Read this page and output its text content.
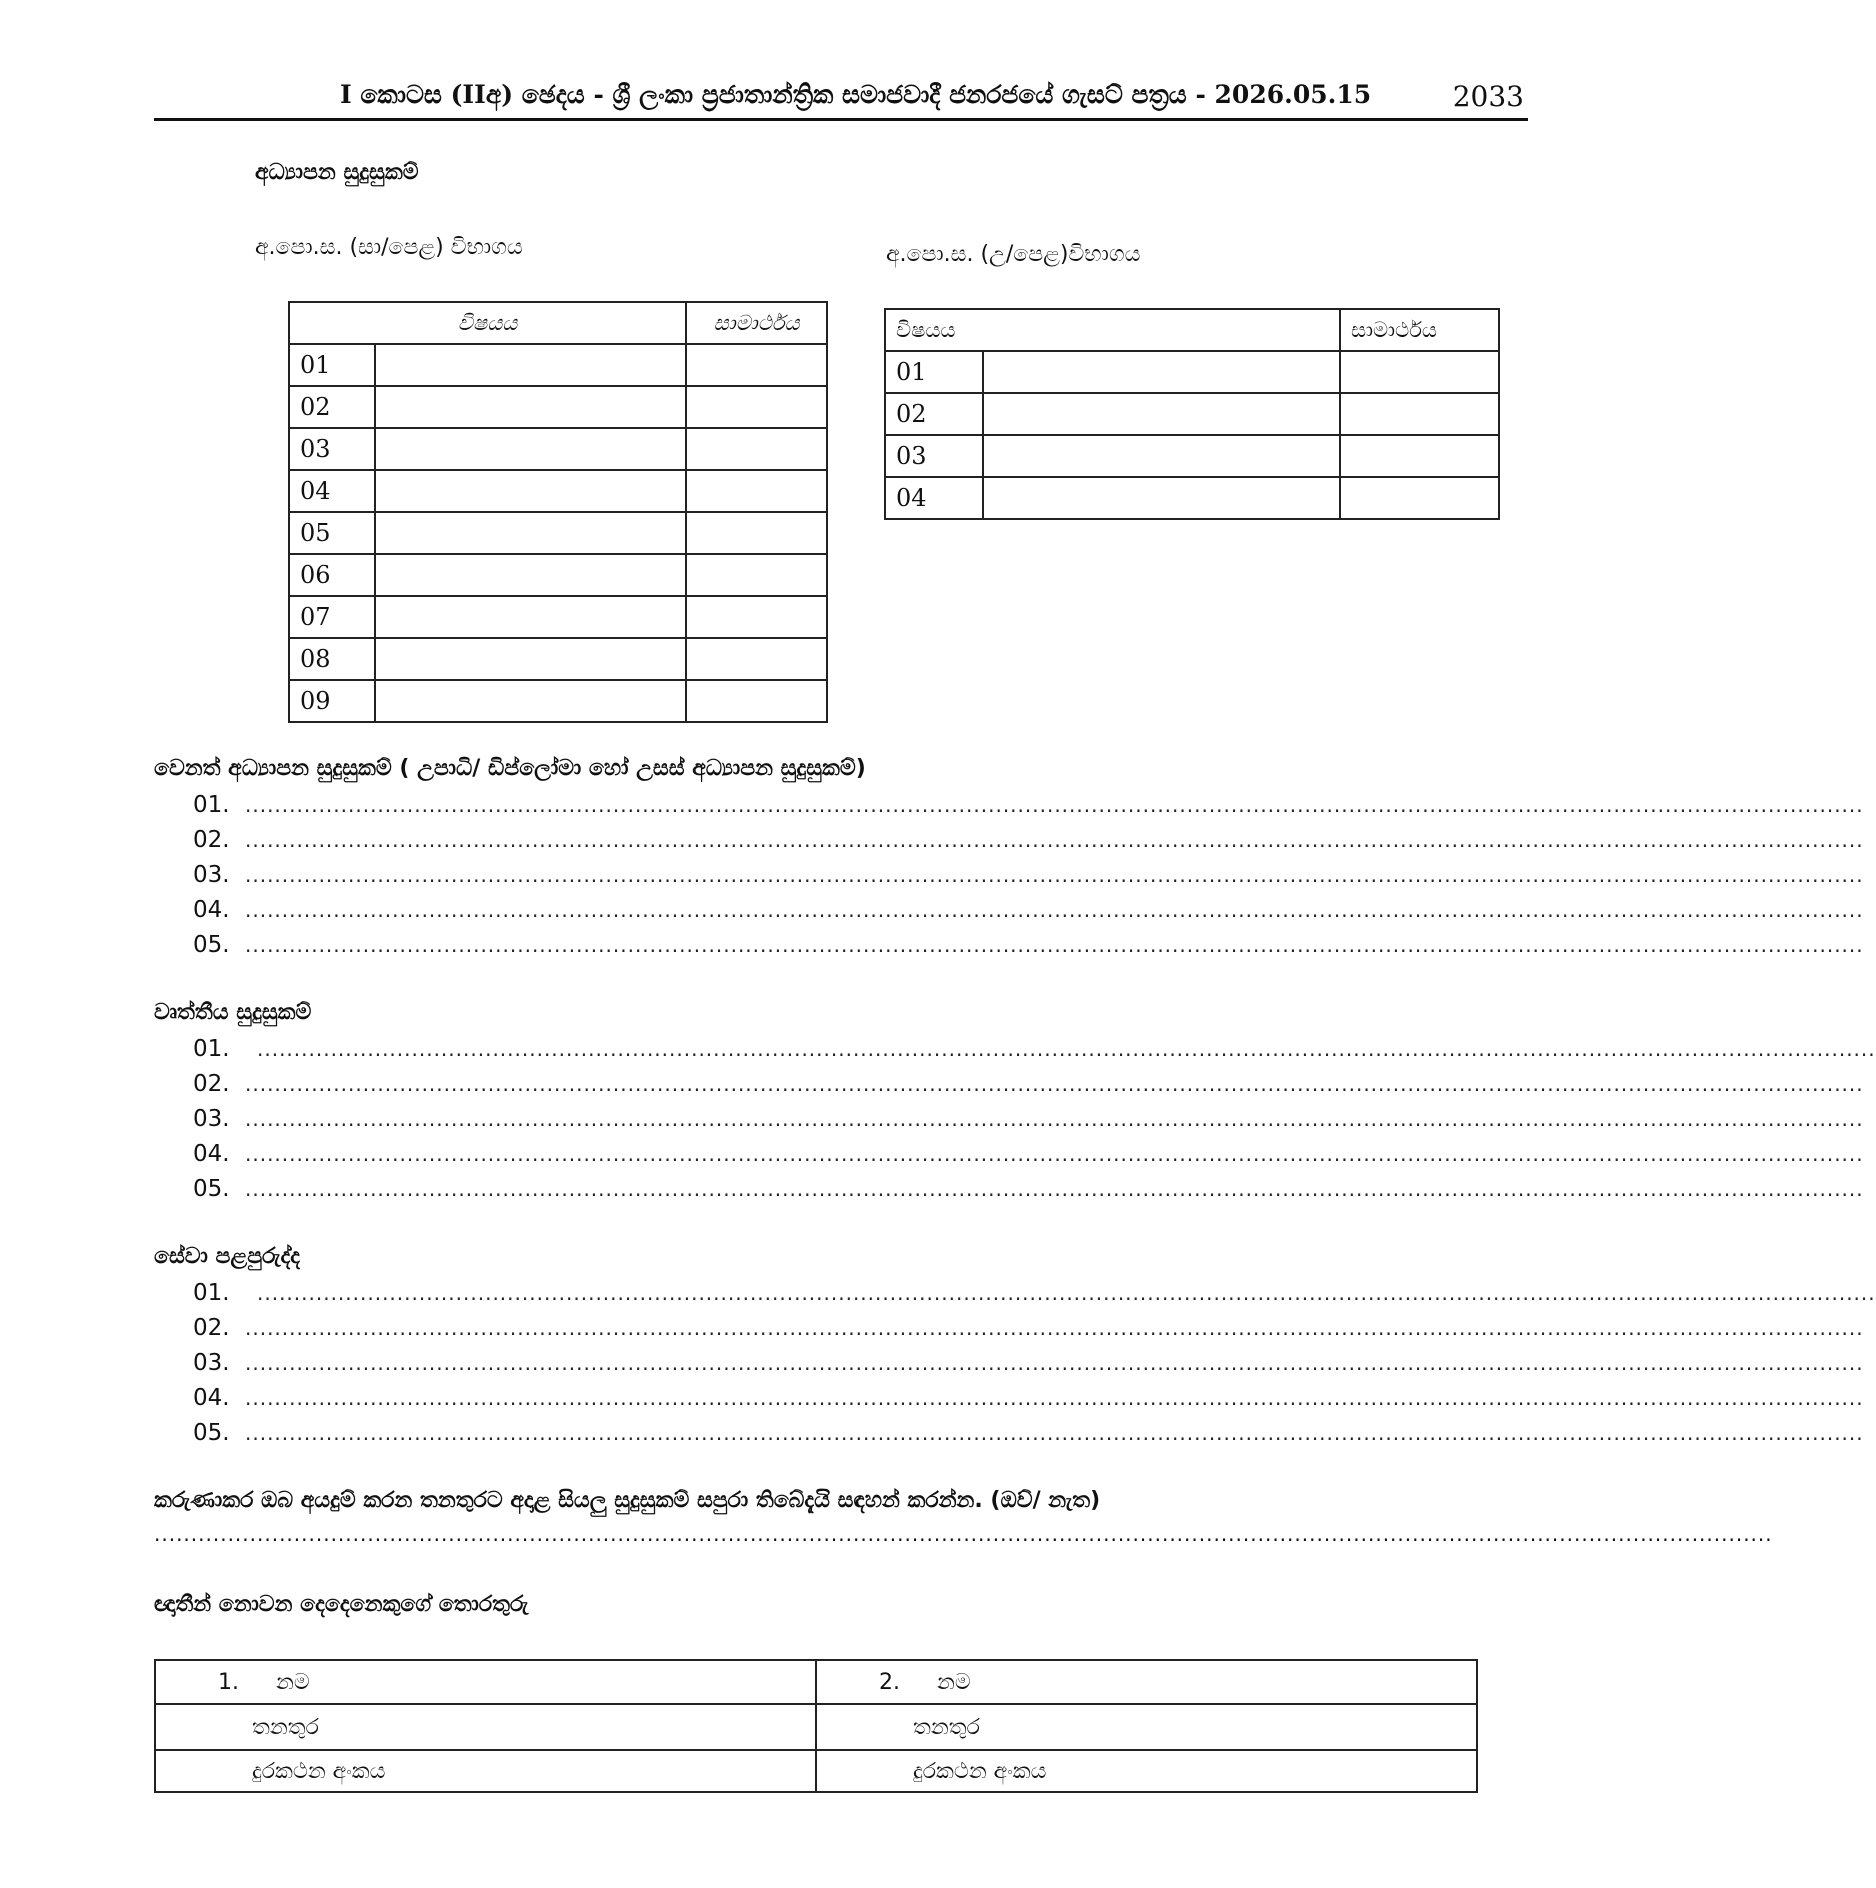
I කොටස (IIඅ) ඡෙදය - ශ්‍රී ලංකා ප්‍රජාතාන්ත්‍රික සමාජවාදී ජනරජයේ ගැසට් පත්‍රය - 2026.05.15	2033
අධ්‍යාපන සුදුසුකම්
අ.පො.ස. (සා/පෙළ) විභාගය	අ.පො.ස. (උ/පෙළ)විභාගය
විෂයය		සාමාර්ථය
01		
02		
03		
04		
05		
06		
07		
08		
09		
විෂයය		සාමාර්ථය
01		
02		
03		
04		
වෙනත් අධ්‍යාපන සුදුසුකම් ( උපාධි/ ඩිප්ලෝමා හෝ උසස් අධ්‍යාපන සුදුසුකම්)
01. ............................................................................................................................................................................................................................
02. ............................................................................................................................................................................................................................
03. ............................................................................................................................................................................................................................
04. ............................................................................................................................................................................................................................
05. ............................................................................................................................................................................................................................
වෘත්තීය සුදුසුකම්
01.	............................................................................................................................................................................................................................
02. ............................................................................................................................................................................................................................
03. ............................................................................................................................................................................................................................
04. ............................................................................................................................................................................................................................
05. ............................................................................................................................................................................................................................
සේවා පළපුරුද්ද
01.	............................................................................................................................................................................................................................
02. ............................................................................................................................................................................................................................
03. ............................................................................................................................................................................................................................
04. ............................................................................................................................................................................................................................
05. ............................................................................................................................................................................................................................
කරුණාකර ඔබ අයදුම් කරන තනතුරට අදාළ සියලු සුදුසුකම් සපුරා තිබේදැයි සඳහන් කරන්න. (ඔව්/ නැත)
............................................................................................................................................................................................................................
ඥාතීන් නොවන දෙදෙනෙකුගේ තොරතුරු
1. නම	2. නම
තනතුර	තනතුර
දුරකථන අංකය	දුරකථන අංකය
